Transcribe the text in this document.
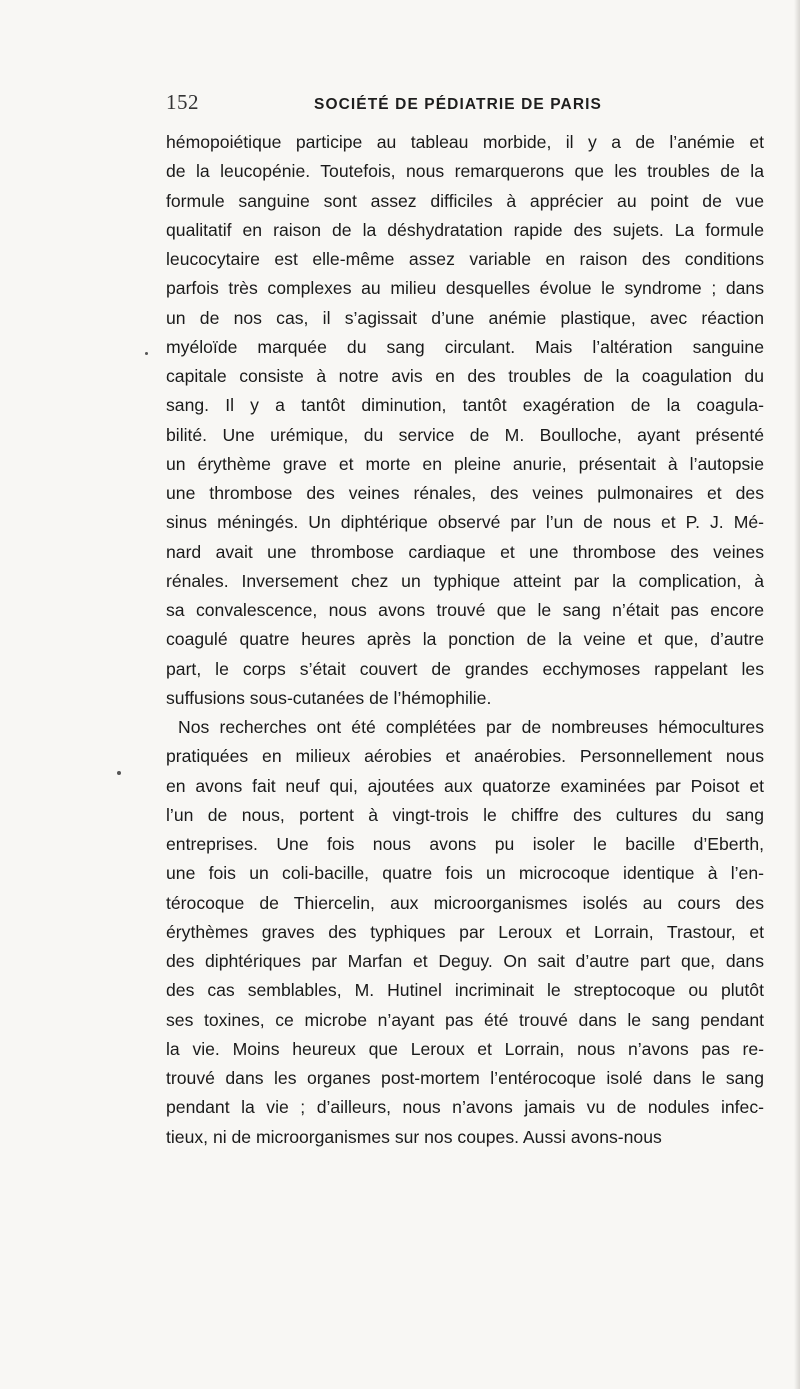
152	SOCIÉTÉ DE PÉDIATRIE DE PARIS
hémopoiétique participe au tableau morbide, il y a de l’anémie et
de la leucopénie. Toutefois, nous remarquerons que les troubles de la
formule sanguine sont assez difficiles à apprécier au point de vue
qualitatif en raison de la déshydratation rapide des sujets. La formule
leucocytaire est elle-même assez variable en raison des conditions
parfois très complexes au milieu desquelles évolue le syndrome ; dans
un de nos cas, il s’agissait d’une anémie plastique, avec réaction
myéloïde marquée du sang circulant. Mais l’altération sanguine
capitale consiste à notre avis en des troubles de la coagulation du
sang. Il y a tantôt diminution, tantôt exagération de la coagula-
bilité. Une urémique, du service de M. Boulloche, ayant présenté
un érythème grave et morte en pleine anurie, présentait à l’autopsie
une thrombose des veines rénales, des veines pulmonaires et des
sinus méningés. Un diphtérique observé par l’un de nous et P. J. Mé-
nard avait une thrombose cardiaque et une thrombose des veines
rénales. Inversement chez un typhique atteint par la complication, à
sa convalescence, nous avons trouvé que le sang n’était pas encore
coagulé quatre heures après la ponction de la veine et que, d’autre
part, le corps s’était couvert de grandes ecchymoses rappelant les
suffusions sous-cutanées de l’hémophilie.
Nos recherches ont été complétées par de nombreuses hémocultures
pratiquées en milieux aérobies et anaérobies. Personnellement nous
en avons fait neuf qui, ajoutées aux quatorze examinées par Poisot et
l’un de nous, portent à vingt-trois le chiffre des cultures du sang
entreprises. Une fois nous avons pu isoler le bacille d’Eberth,
une fois un coli-bacille, quatre fois un microcoque identique à l’en-
térocoque de Thiercelin, aux microorganismes isolés au cours des
érythèmes graves des typhiques par Leroux et Lorrain, Trastour, et
des diphtériques par Marfan et Deguy. On sait d’autre part que, dans
des cas semblables, M. Hutinel incriminait le streptocoque ou plutôt
ses toxines, ce microbe n’ayant pas été trouvé dans le sang pendant
la vie. Moins heureux que Leroux et Lorrain, nous n’avons pas re-
trouvé dans les organes post-mortem l’entérocoque isolé dans le sang
pendant la vie ; d’ailleurs, nous n’avons jamais vu de nodules infec-
tieux, ni de microorganismes sur nos coupes. Aussi avons-nous
